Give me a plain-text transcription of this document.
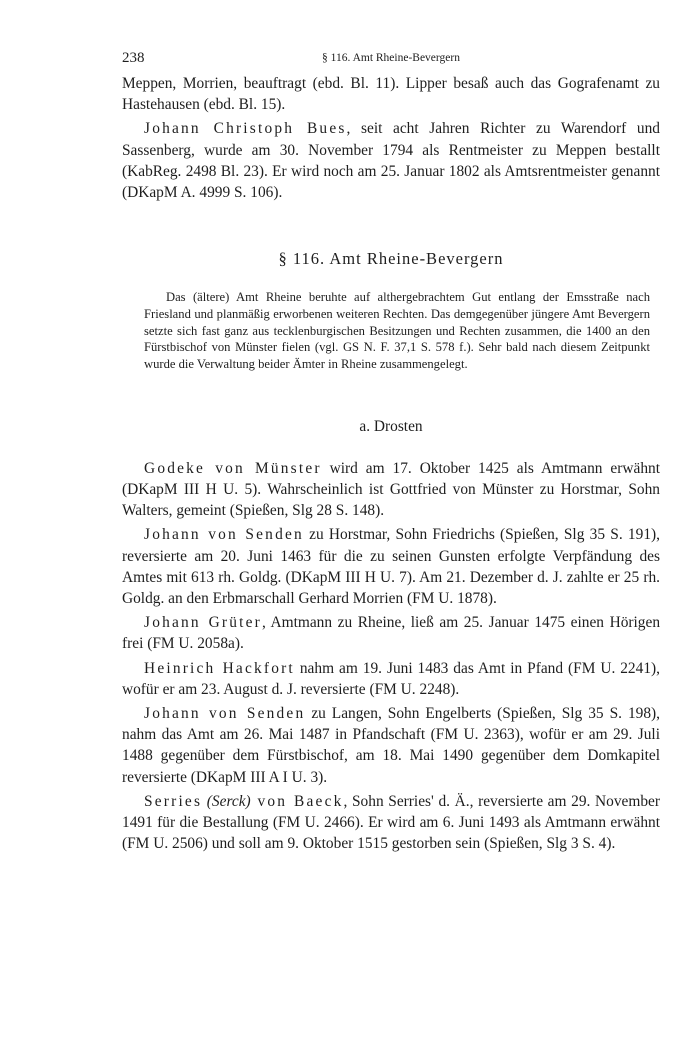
238	§ 116. Amt Rheine-Bevergern

Meppen, Morrien, beauftragt (ebd. Bl. 11). Lipper besaß auch das Gografenamt zu Hastehausen (ebd. Bl. 15).

Johann Christoph Bues, seit acht Jahren Richter zu Warendorf und Sassenberg, wurde am 30. November 1794 als Rentmeister zu Meppen bestallt (KabReg. 2498 Bl. 23). Er wird noch am 25. Januar 1802 als Amtsrentmeister genannt (DKapM A. 4999 S. 106).

§ 116. Amt Rheine-Bevergern

Das (ältere) Amt Rheine beruhte auf althergebrachtem Gut entlang der Emsstraße nach Friesland und planmäßig erworbenen weiteren Rechten. Das demgegenüber jüngere Amt Bevergern setzte sich fast ganz aus tecklenburgischen Besitzungen und Rechten zusammen, die 1400 an den Fürstbischof von Münster fielen (vgl. GS N. F. 37,1 S. 578 f.). Sehr bald nach diesem Zeitpunkt wurde die Verwaltung beider Ämter in Rheine zusammengelegt.

a. Drosten

Godeke von Münster wird am 17. Oktober 1425 als Amtmann erwähnt (DKapM III H U. 5). Wahrscheinlich ist Gottfried von Münster zu Horstmar, Sohn Walters, gemeint (Spießen, Slg 28 S. 148).

Johann von Senden zu Horstmar, Sohn Friedrichs (Spießen, Slg 35 S. 191), reversierte am 20. Juni 1463 für die zu seinen Gunsten erfolgte Verpfändung des Amtes mit 613 rh. Goldg. (DKapM III H U. 7). Am 21. Dezember d. J. zahlte er 25 rh. Goldg. an den Erbmarschall Gerhard Morrien (FM U. 1878).

Johann Grüter, Amtmann zu Rheine, ließ am 25. Januar 1475 einen Hörigen frei (FM U. 2058a).

Heinrich Hackfort nahm am 19. Juni 1483 das Amt in Pfand (FM U. 2241), wofür er am 23. August d. J. reversierte (FM U. 2248).

Johann von Senden zu Langen, Sohn Engelberts (Spießen, Slg 35 S. 198), nahm das Amt am 26. Mai 1487 in Pfandschaft (FM U. 2363), wofür er am 29. Juli 1488 gegenüber dem Fürstbischof, am 18. Mai 1490 gegenüber dem Domkapitel reversierte (DKapM III A I U. 3).

Serries (Serck) von Baeck, Sohn Serries' d. Ä., reversierte am 29. November 1491 für die Bestallung (FM U. 2466). Er wird am 6. Juni 1493 als Amtmann erwähnt (FM U. 2506) und soll am 9. Oktober 1515 gestorben sein (Spießen, Slg 3 S. 4).
